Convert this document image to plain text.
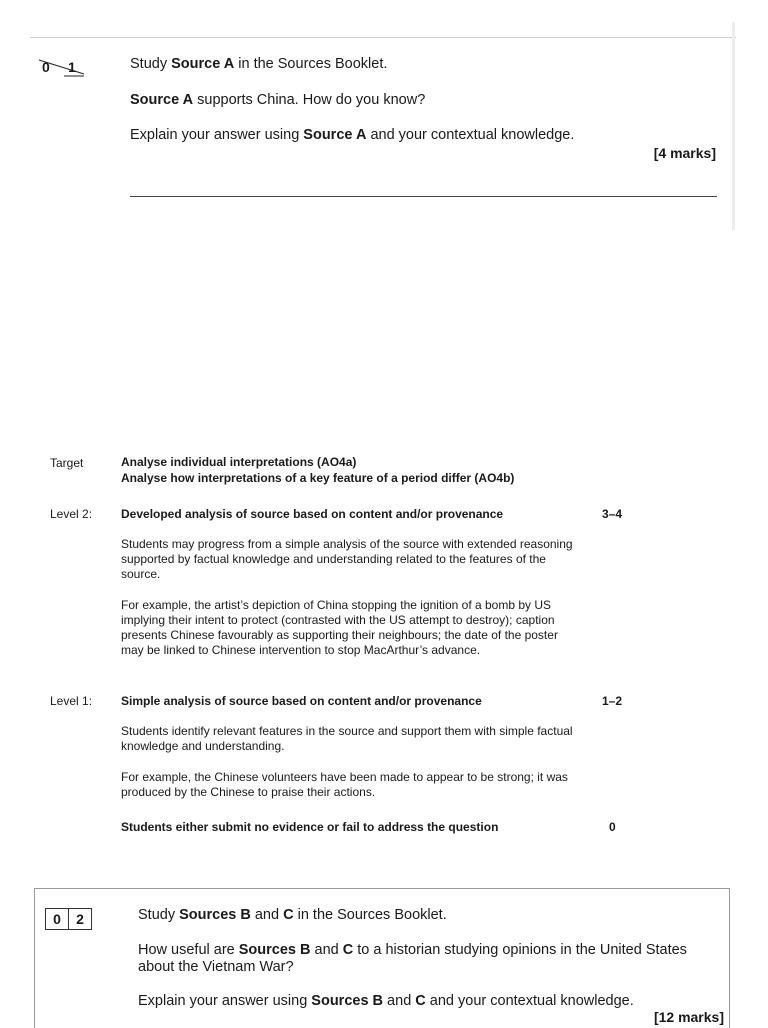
0 1	Study Source A in the Sources Booklet.
Source A supports China. How do you know?
Explain your answer using Source A and your contextual knowledge.
[4 marks]
Target	Analyse individual interpretations (AO4a)
Analyse how interpretations of a key feature of a period differ (AO4b)
Level 2: Developed analysis of source based on content and/or provenance	3–4
Students may progress from a simple analysis of the source with extended reasoning supported by factual knowledge and understanding related to the features of the source.
For example, the artist’s depiction of China stopping the ignition of a bomb by US implying their intent to protect (contrasted with the US attempt to destroy); caption presents Chinese favourably as supporting their neighbours; the date of the poster may be linked to Chinese intervention to stop MacArthur’s advance.
Level 1: Simple analysis of source based on content and/or provenance	1–2
Students identify relevant features in the source and support them with simple factual knowledge and understanding.
For example, the Chinese volunteers have been made to appear to be strong; it was produced by the Chinese to praise their actions.
Students either submit no evidence or fail to address the question	0
0	2	Study Sources B and C in the Sources Booklet.
How useful are Sources B and C to a historian studying opinions in the United States
about the Vietnam War?
Explain your answer using Sources B and C and your contextual knowledge.
[12 marks]
